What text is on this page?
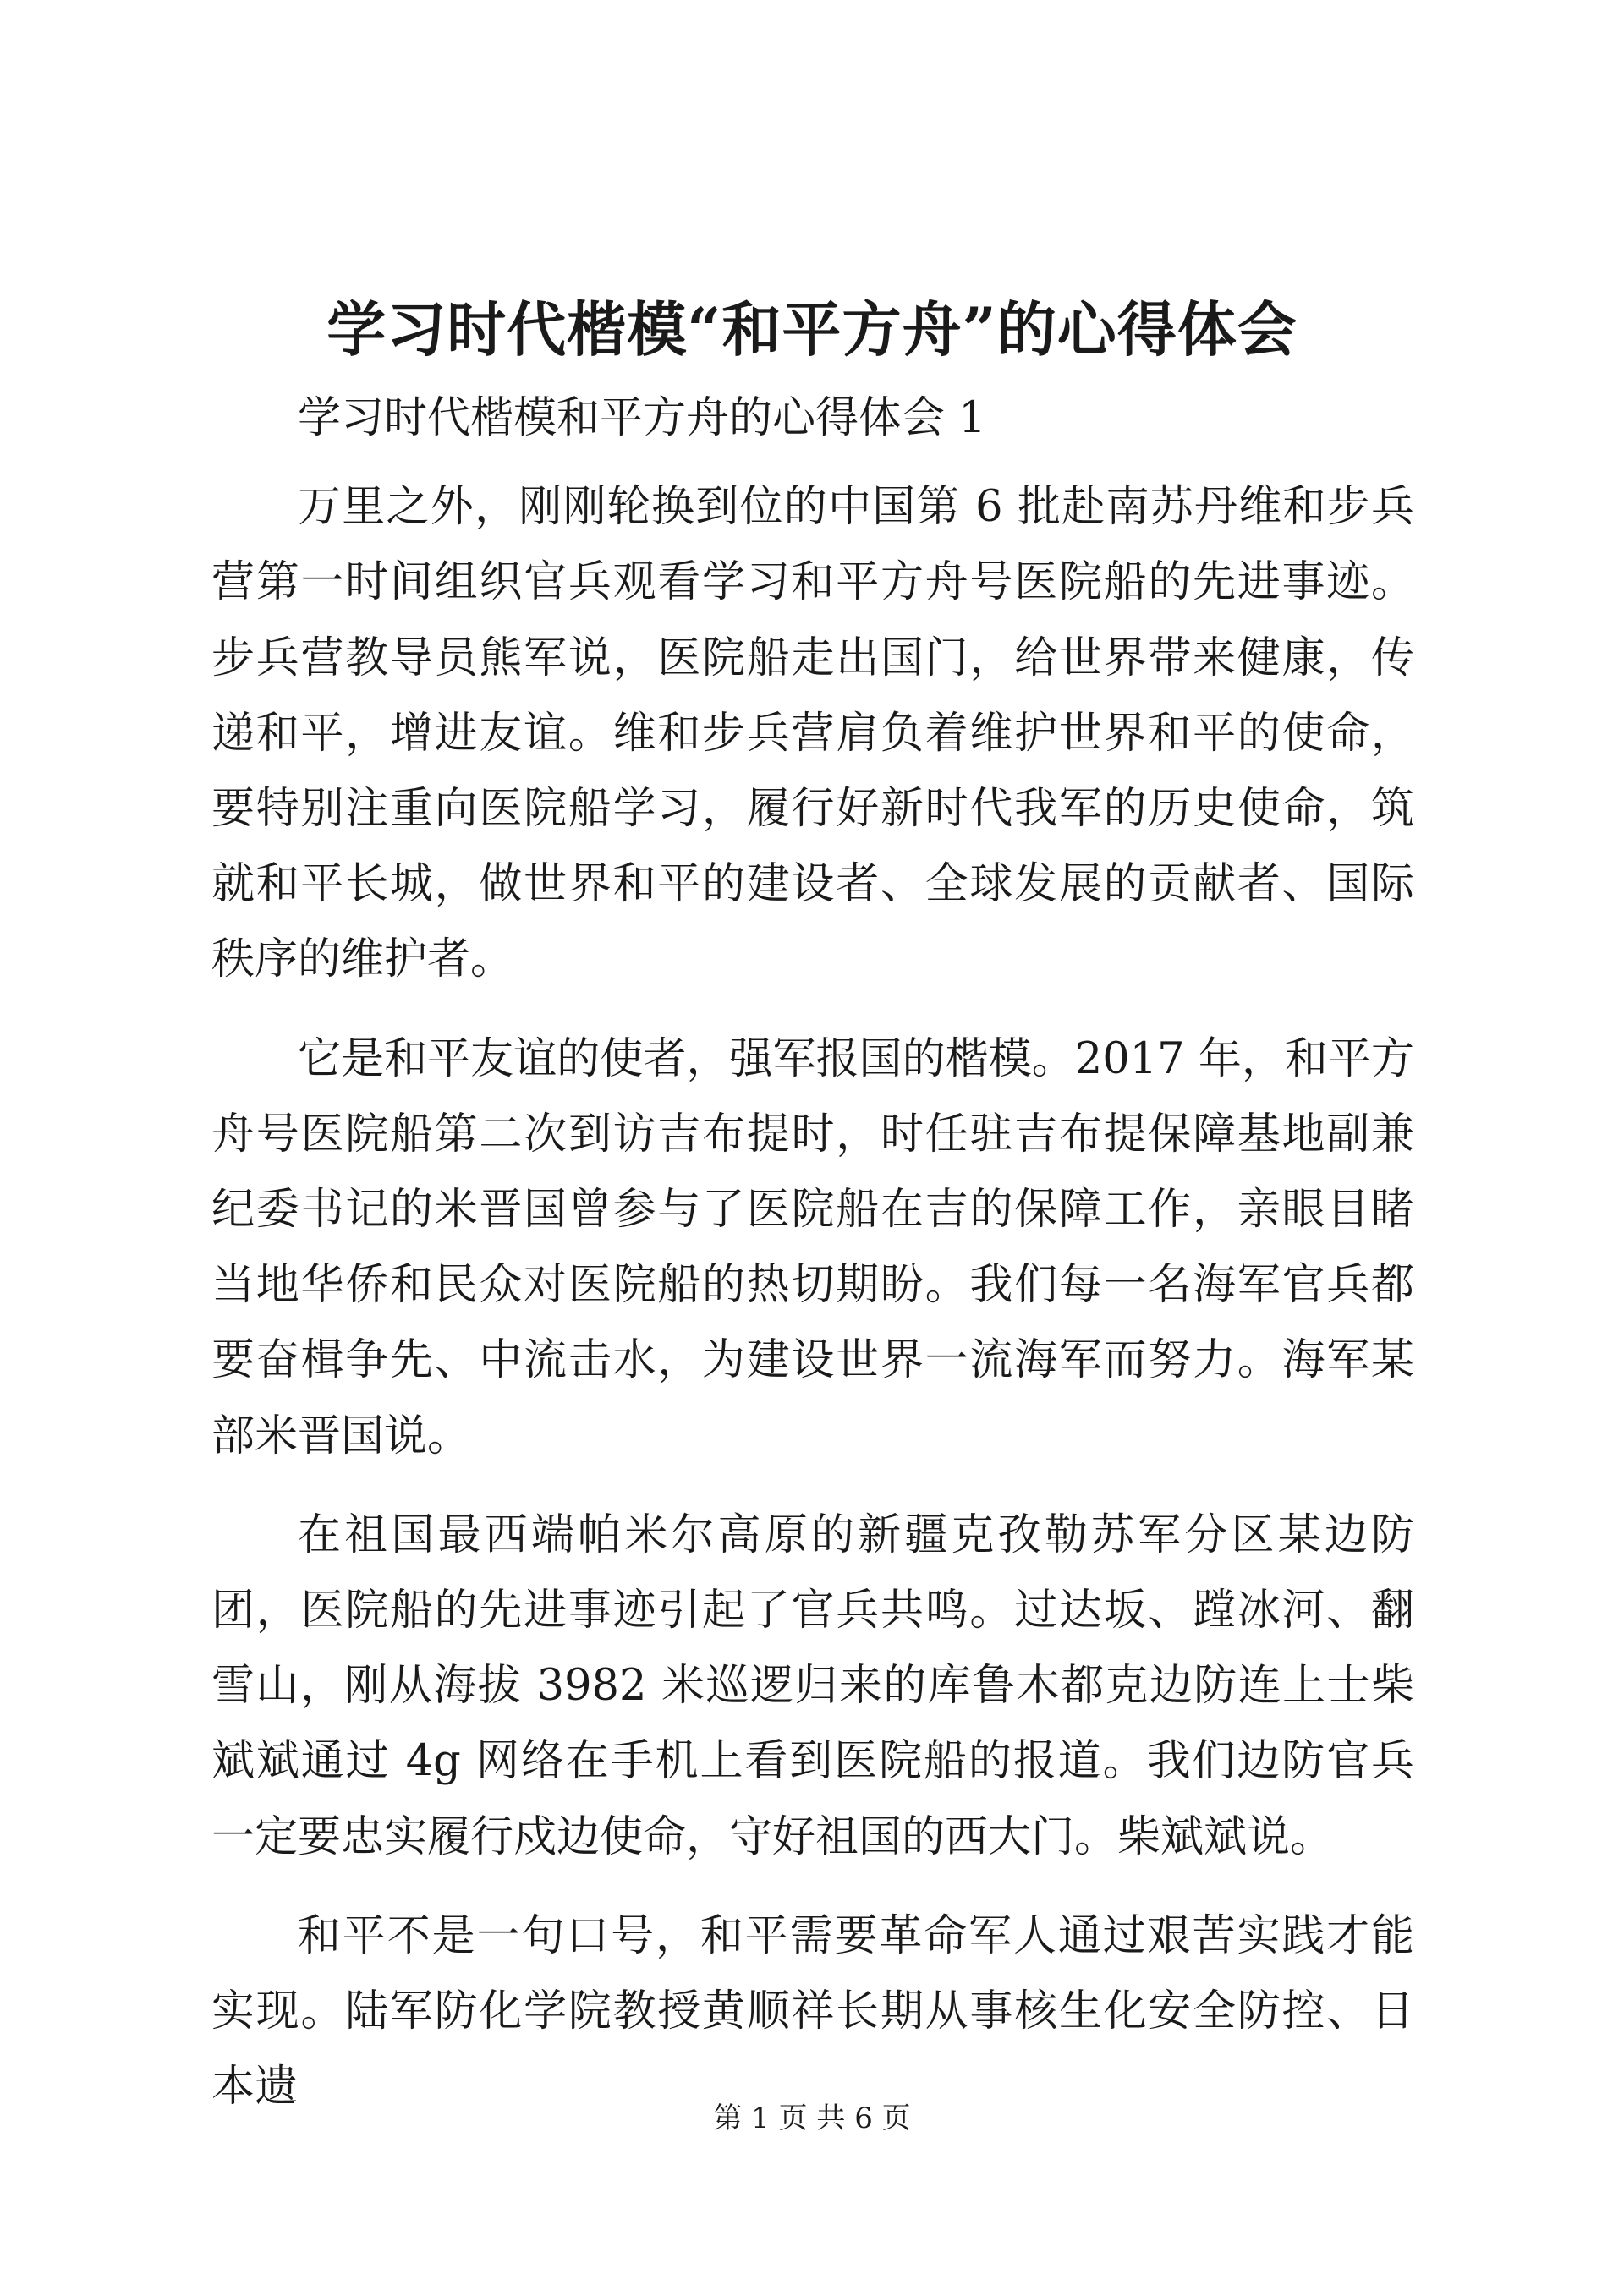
学习时代楷模“和平方舟”的心得体会

学习时代楷模和平方舟的心得体会 1

万里之外，刚刚轮换到位的中国第 6 批赴南苏丹维和步兵营第一时间组织官兵观看学习和平方舟号医院船的先进事迹。步兵营教导员熊军说，医院船走出国门，给世界带来健康，传递和平，增进友谊。维和步兵营肩负着维护世界和平的使命，要特别注重向医院船学习，履行好新时代我军的历史使命，筑就和平长城，做世界和平的建设者、全球发展的贡献者、国际秩序的维护者。

它是和平友谊的使者，强军报国的楷模。2017 年，和平方舟号医院船第二次到访吉布提时，时任驻吉布提保障基地副兼纪委书记的米晋国曾参与了医院船在吉的保障工作，亲眼目睹当地华侨和民众对医院船的热切期盼。我们每一名海军官兵都要奋楫争先、中流击水，为建设世界一流海军而努力。海军某部米晋国说。

在祖国最西端帕米尔高原的新疆克孜勒苏军分区某边防团，医院船的先进事迹引起了官兵共鸣。过达坂、蹚冰河、翻雪山，刚从海拔 3982 米巡逻归来的库鲁木都克边防连上士柴斌斌通过 4g 网络在手机上看到医院船的报道。我们边防官兵一定要忠实履行戍边使命，守好祖国的西大门。柴斌斌说。

和平不是一句口号，和平需要革命军人通过艰苦实践才能实现。陆军防化学院教授黄顺祥长期从事核生化安全防控、日本遗

第 1 页 共 6 页
